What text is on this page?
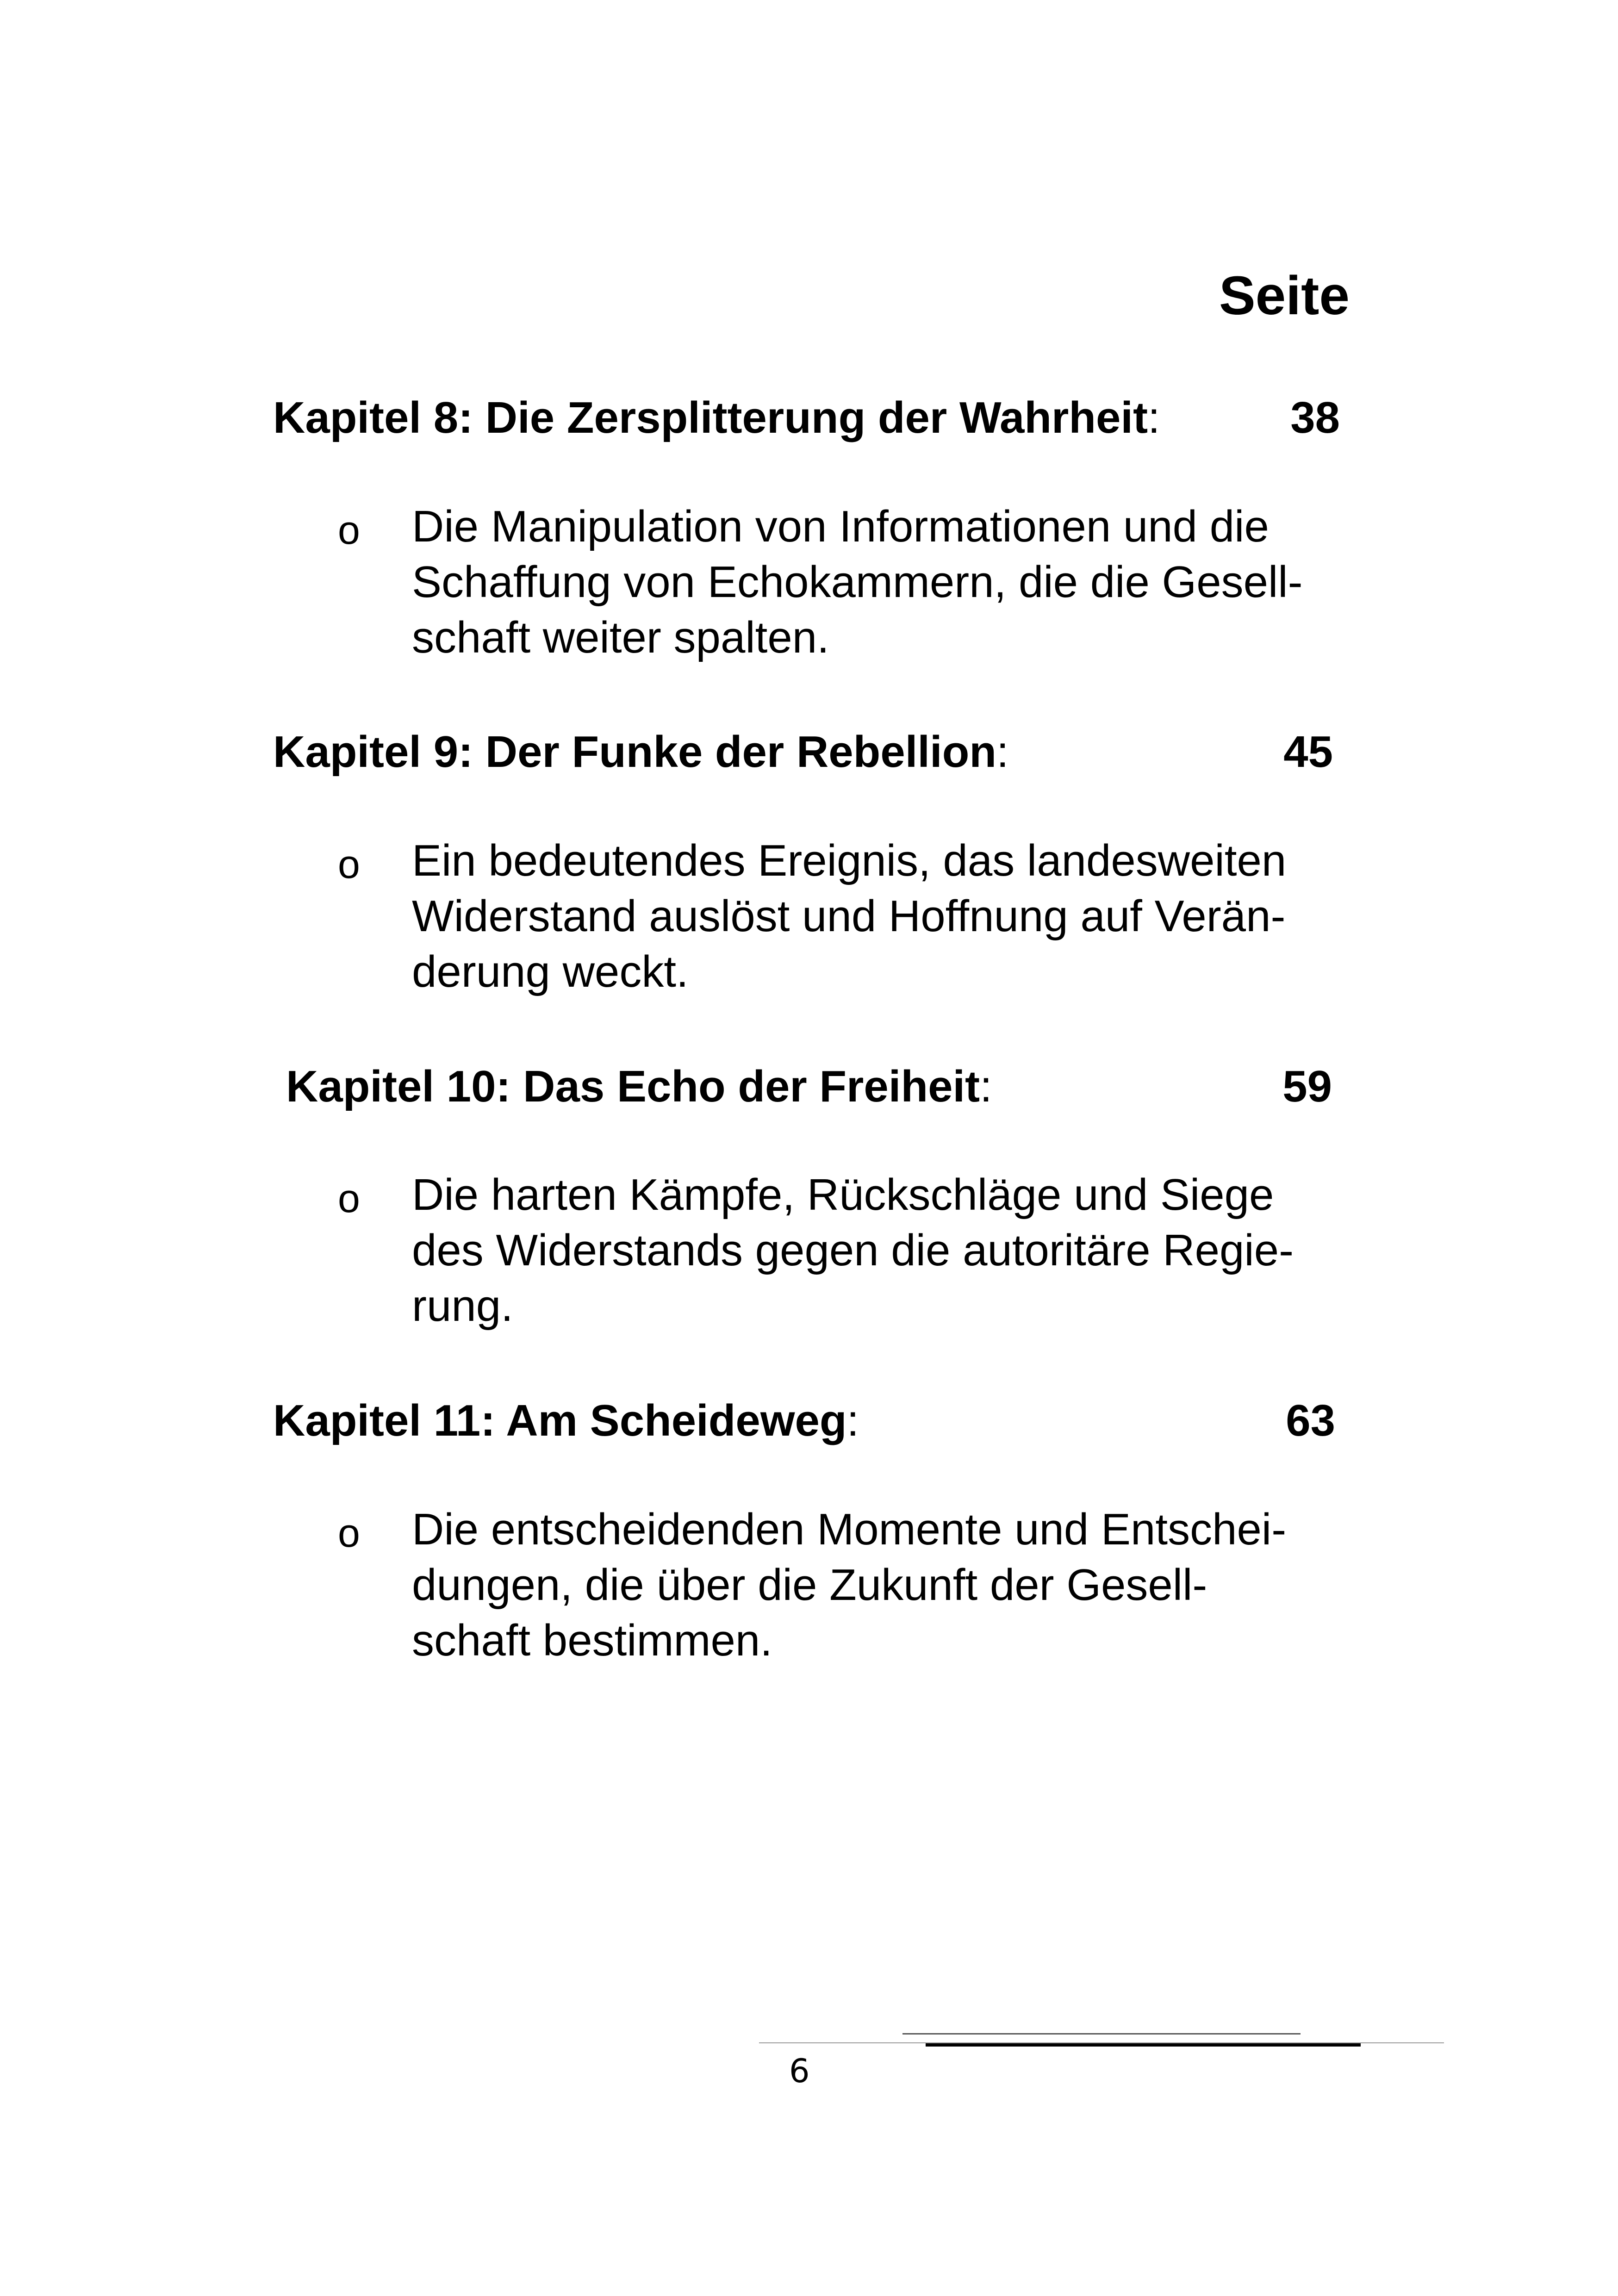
Seite
Kapitel 8: Die Zersplitterung der Wahrheit:	38
o Die Manipulation von Informationen und die
Schaffung von Echokammern, die die Gesell-
schaft weiter spalten.
Kapitel 9: Der Funke der Rebellion:	45
o Ein bedeutendes Ereignis, das landesweiten
Widerstand auslöst und Hoffnung auf Verän-
derung weckt.
Kapitel 10: Das Echo der Freiheit:	59
o Die harten Kämpfe, Rückschläge und Siege
des Widerstands gegen die autoritäre Regie-
rung.
Kapitel 11: Am Scheideweg:	63
o Die entscheidenden Momente und Entschei-
dungen, die über die Zukunft der Gesell-
schaft bestimmen.
6
